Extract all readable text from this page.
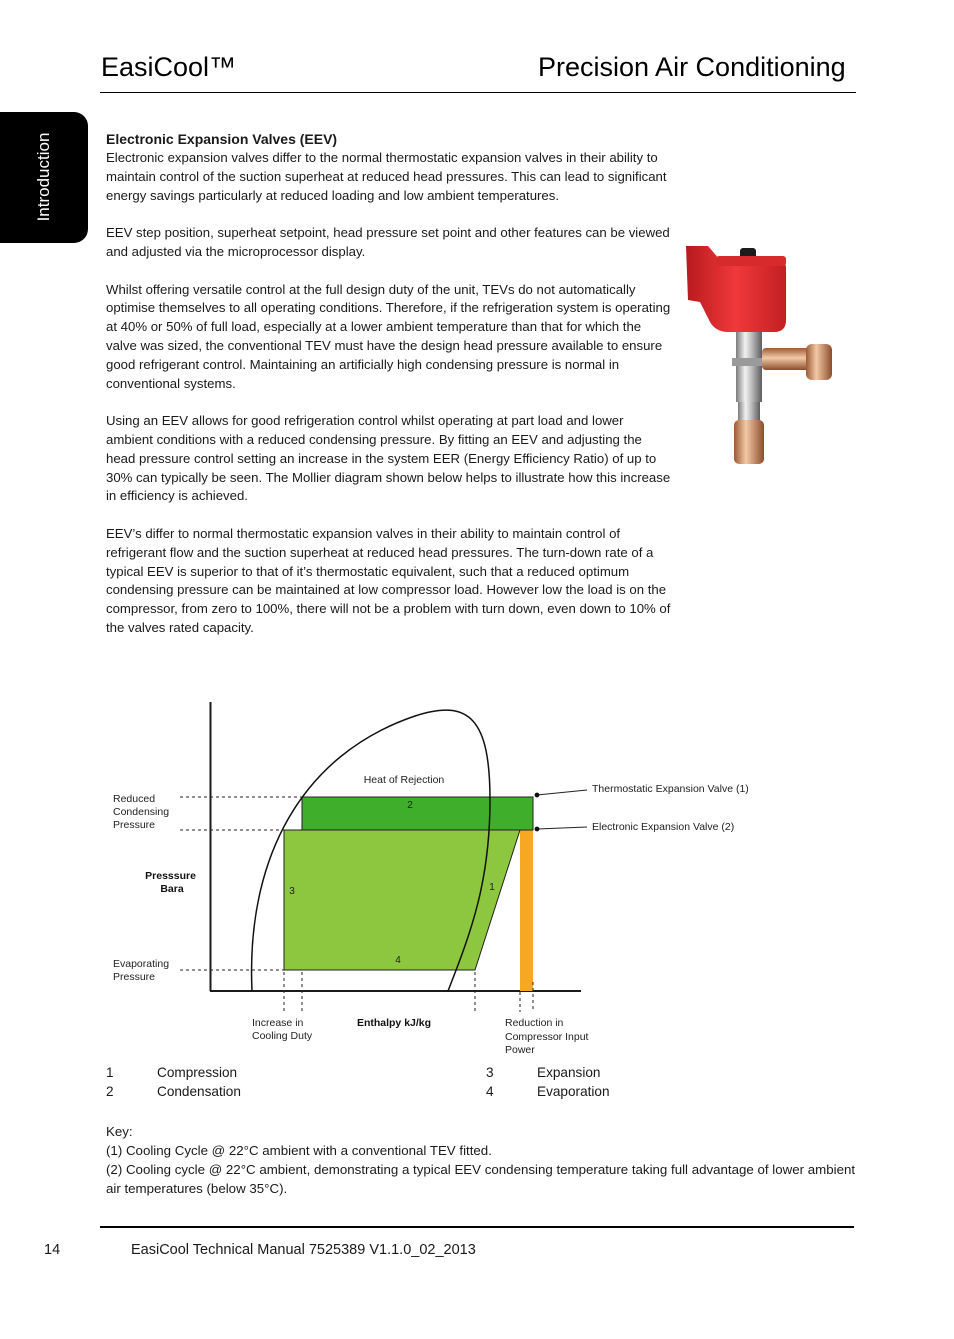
EasiCool™	Precision Air Conditioning
Introduction	Electronic Expansion Valves (EEV)

Electronic expansion valves differ to the normal thermostatic expansion valves in their ability to maintain control of the suction superheat at reduced head pressures. This can lead to significant energy savings particularly at reduced loading and low ambient temperatures.

EEV step position, superheat setpoint, head pressure set point and other features can be viewed and adjusted via the microprocessor display.

Whilst offering versatile control at the full design duty of the unit, TEVs do not automatically optimise themselves to all operating conditions. Therefore, if the refrigeration system is operating at 40% or 50% of full load, especially at a lower ambient temperature than that for which the valve was sized, the conventional TEV must have the design head pressure available to ensure good refrigerant control. Maintaining an artificially high condensing pressure is normal in conventional systems.

Using an EEV allows for good refrigeration control whilst operating at part load and lower ambient conditions with a reduced condensing pressure. By fitting an EEV and adjusting the head pressure control setting an increase in the system EER (Energy Efficiency Ratio) of up to 30% can typically be seen. The Mollier diagram shown below helps to illustrate how this increase in efficiency is achieved.

EEV’s differ to normal thermostatic expansion valves in their ability to maintain control of refrigerant flow and the suction superheat at reduced head pressures. The turn-down rate of a typical EEV is superior to that of it’s thermostatic equivalent, such that a reduced optimum condensing pressure can be maintained at low compressor load. However low the load is on the compressor, from zero to 100%, there will not be a problem with turn down, even down to 10% of the valves rated capacity.

Heat of Rejection
2
3	1
4
Reduced Condensing Pressure
Presssure Bara
Evaporating Pressure
Thermostatic Expansion Valve (1)
Electronic Expansion Valve (2)
Increase in Cooling Duty
Enthalpy kJ/kg	Reduction in Compressor Input Power
1	Compression
2	Condensation
3	Expansion
4	Evaporation
Key:
(1) Cooling Cycle @ 22°C ambient with a conventional TEV fitted.
(2) Cooling cycle @ 22°C ambient, demonstrating a typical EEV condensing temperature taking full advantage of lower ambient air temperatures (below 35°C).
14	EasiCool Technical Manual 7525389 V1.1.0_02_2013
